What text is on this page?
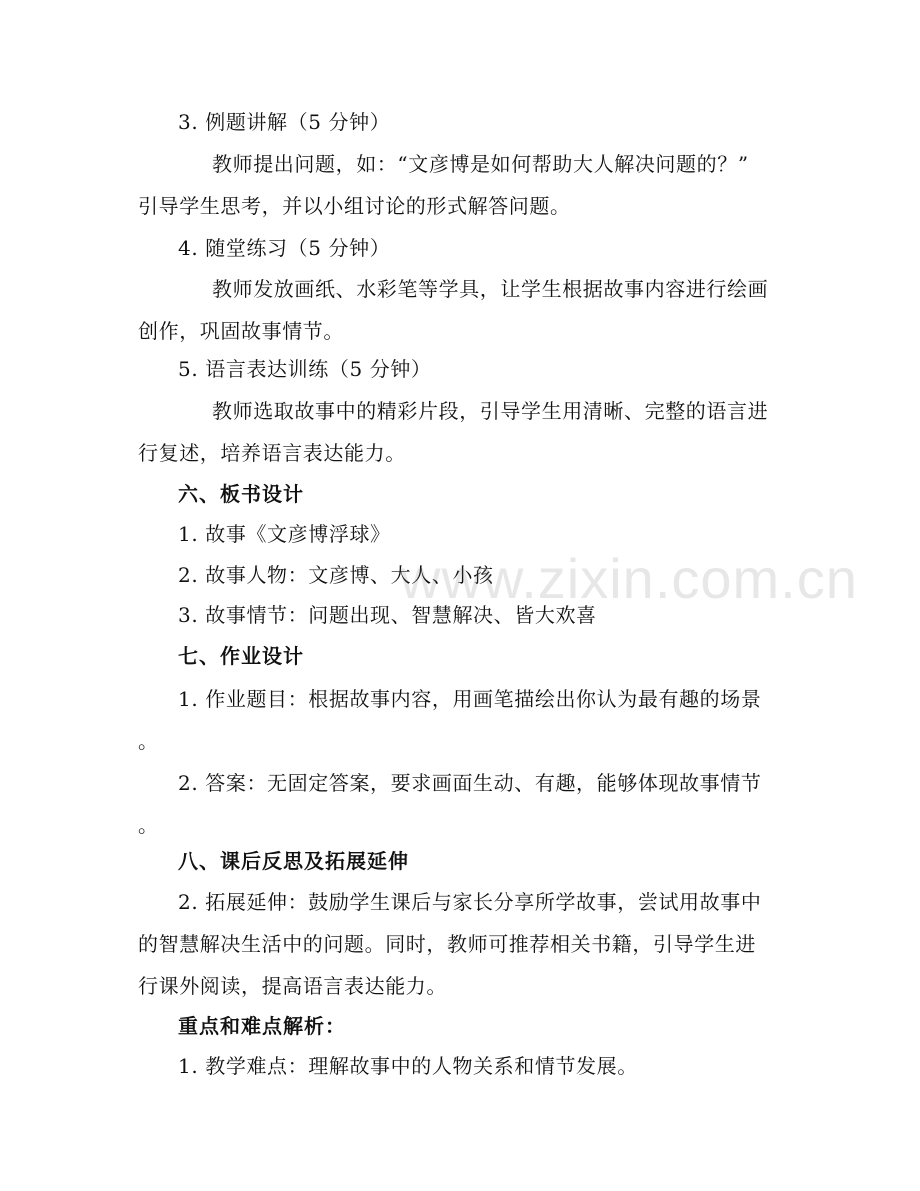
3. 例题讲解（5 分钟）
教师提出问题，如：“文彦博是如何帮助大人解决问题的？”
引导学生思考，并以小组讨论的形式解答问题。
4. 随堂练习（5 分钟）
教师发放画纸、水彩笔等学具，让学生根据故事内容进行绘画
创作，巩固故事情节。
5. 语言表达训练（5 分钟）
教师选取故事中的精彩片段，引导学生用清晰、完整的语言进
行复述，培养语言表达能力。
六、板书设计
1. 故事《文彦博浮球》
2. 故事人物：文彦博、大人、小孩
3. 故事情节：问题出现、智慧解决、皆大欢喜
七、作业设计
1. 作业题目：根据故事内容，用画笔描绘出你认为最有趣的场景
。
2. 答案：无固定答案，要求画面生动、有趣，能够体现故事情节
。
八、课后反思及拓展延伸
2. 拓展延伸：鼓励学生课后与家长分享所学故事，尝试用故事中
的智慧解决生活中的问题。同时，教师可推荐相关书籍，引导学生进
行课外阅读，提高语言表达能力。
重点和难点解析：
1. 教学难点：理解故事中的人物关系和情节发展。
www.zixin.com.cn
